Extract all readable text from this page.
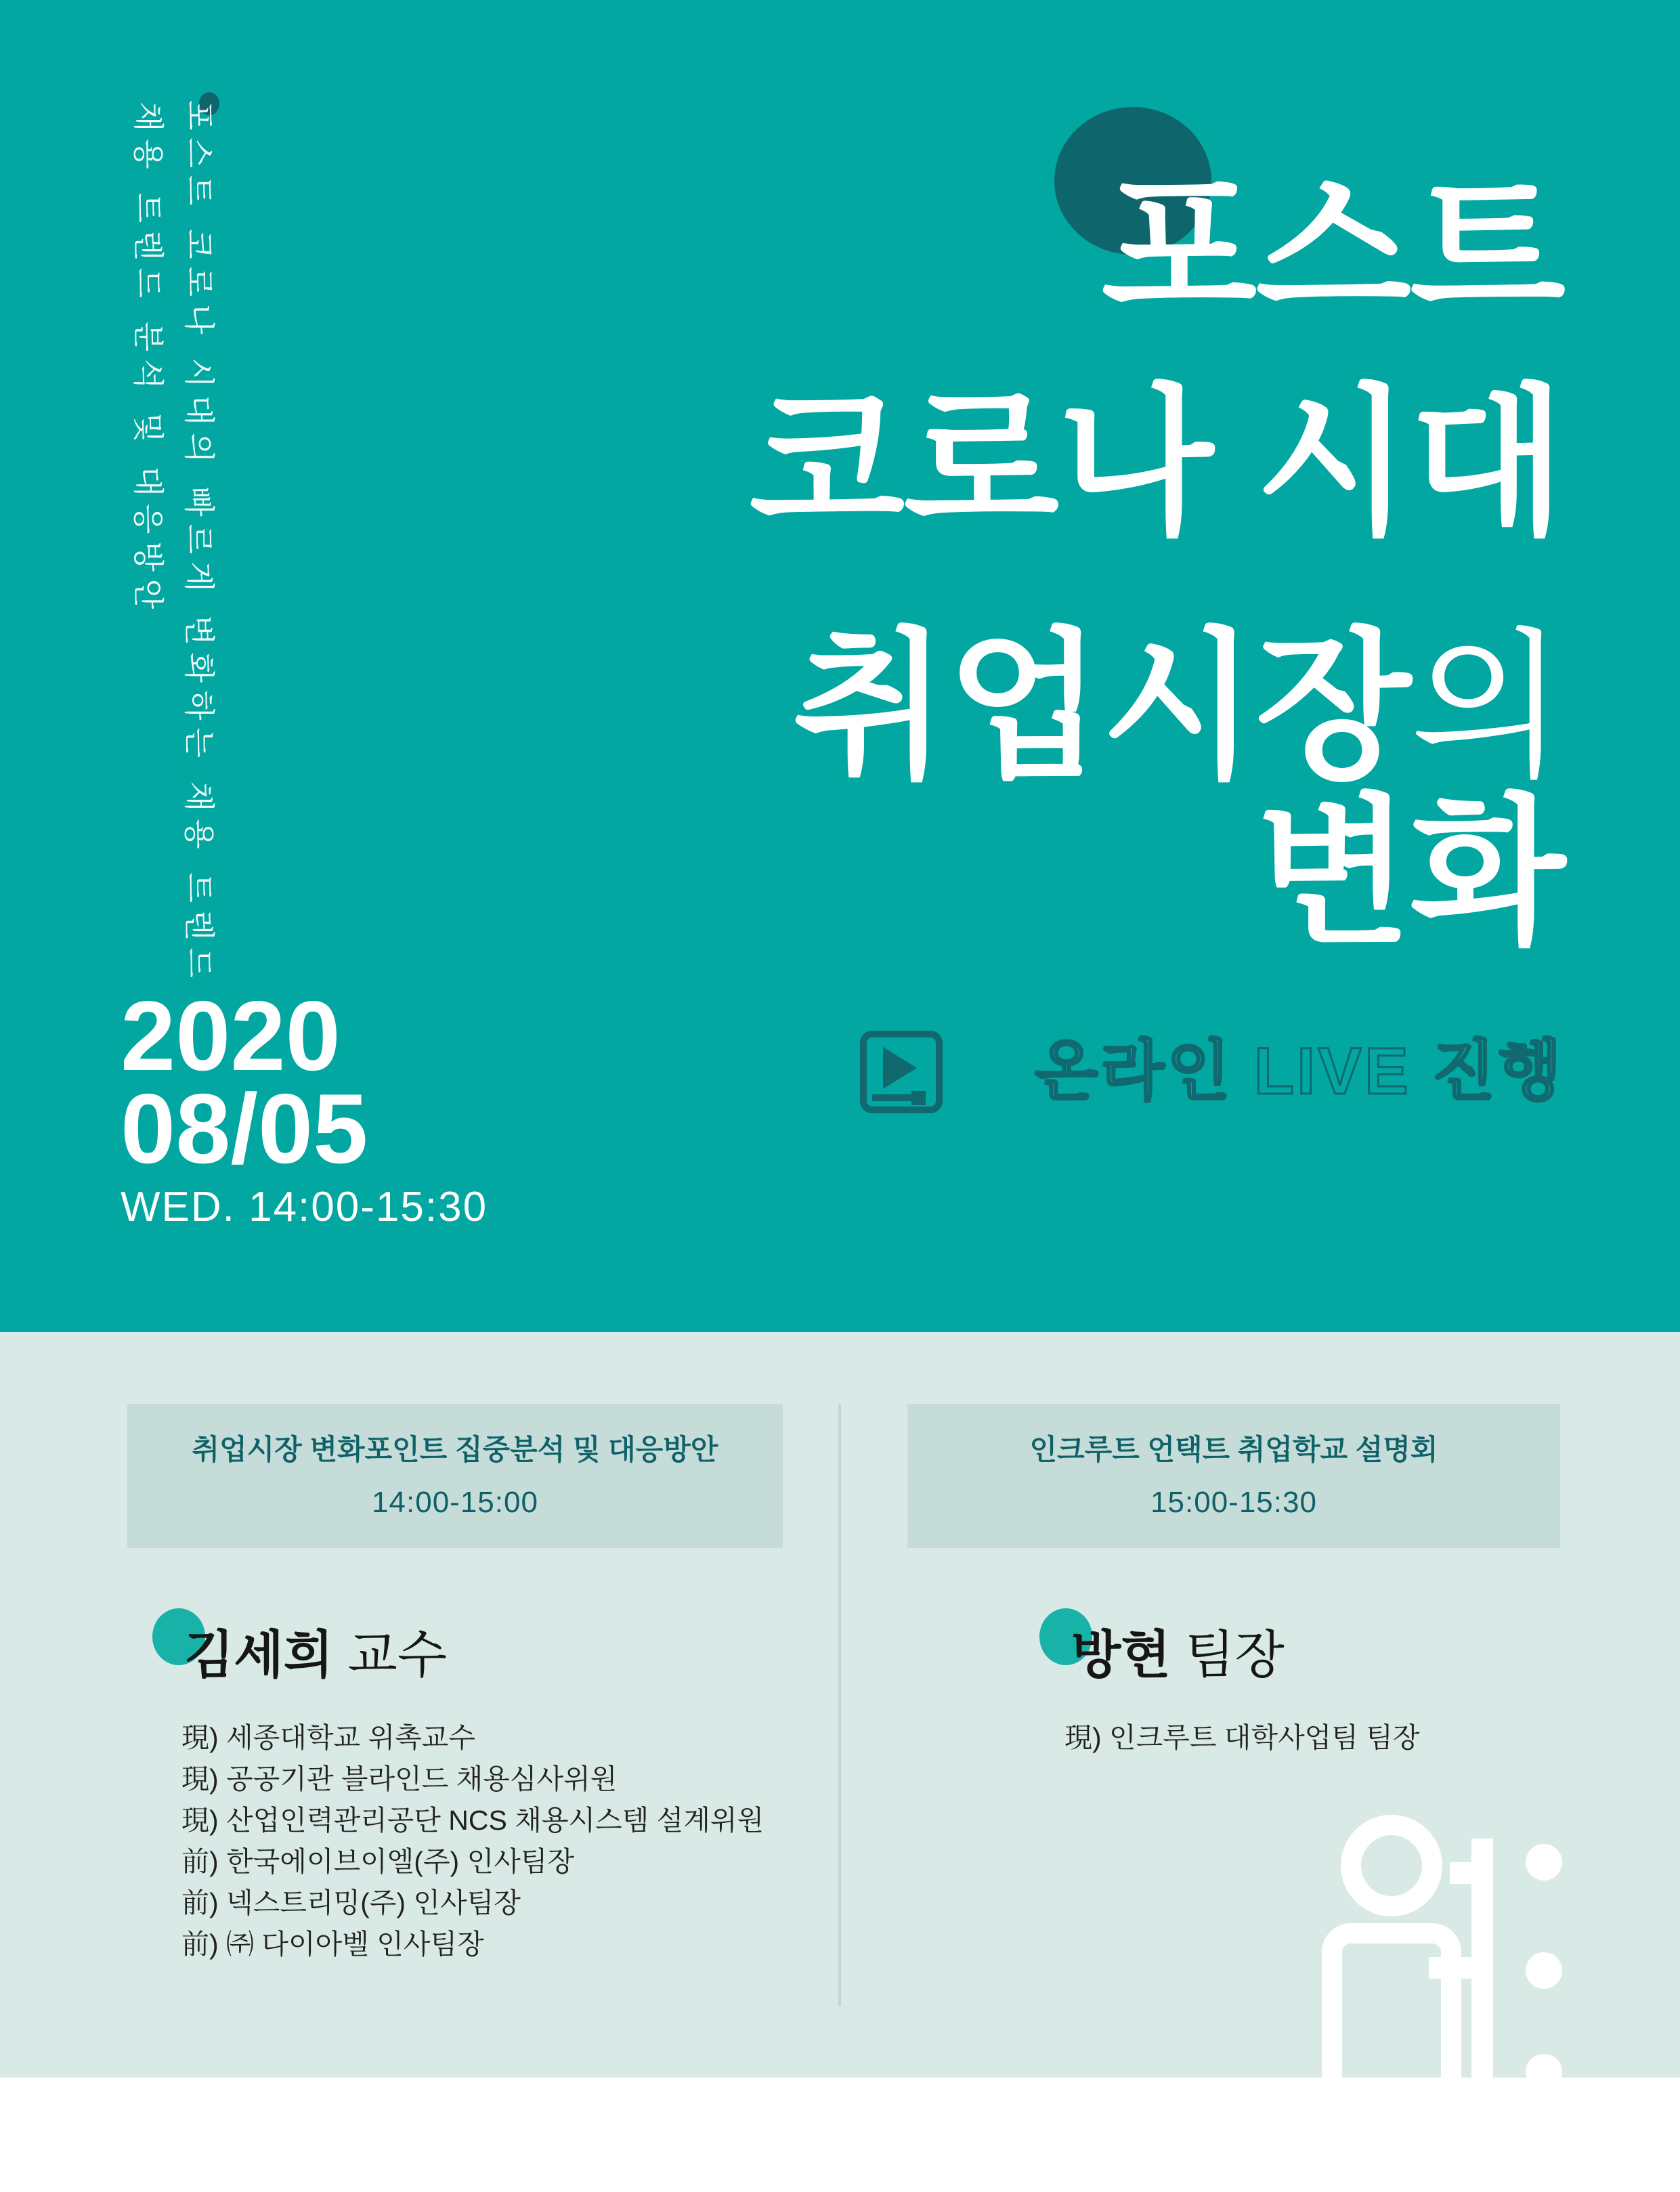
포스트 코로나 시대의 빠르게 변화하는 채용 트렌드
채용 트렌드 분석 및 대응방안	포스트
코로나 시대
취업시장의
변화
2020
08/05
WED. 14:00-15:30
온라인 LIVE 진행
취업시장 변화포인트 집중분석 및 대응방안
14:00-15:00
인크루트 언택트 취업학교 설명회
15:00-15:30
김세희 교수
現) 세종대학교 위촉교수
現) 공공기관 블라인드 채용심사위원
現) 산업인력관리공단 NCS 채용시스템 설계위원
前) 한국에이브이엘(주) 인사팀장
前) 넥스트리밍(주) 인사팀장
前) ㈜ 다이아벨 인사팀장
방현 팀장
現) 인크루트 대학사업팀 팀장
